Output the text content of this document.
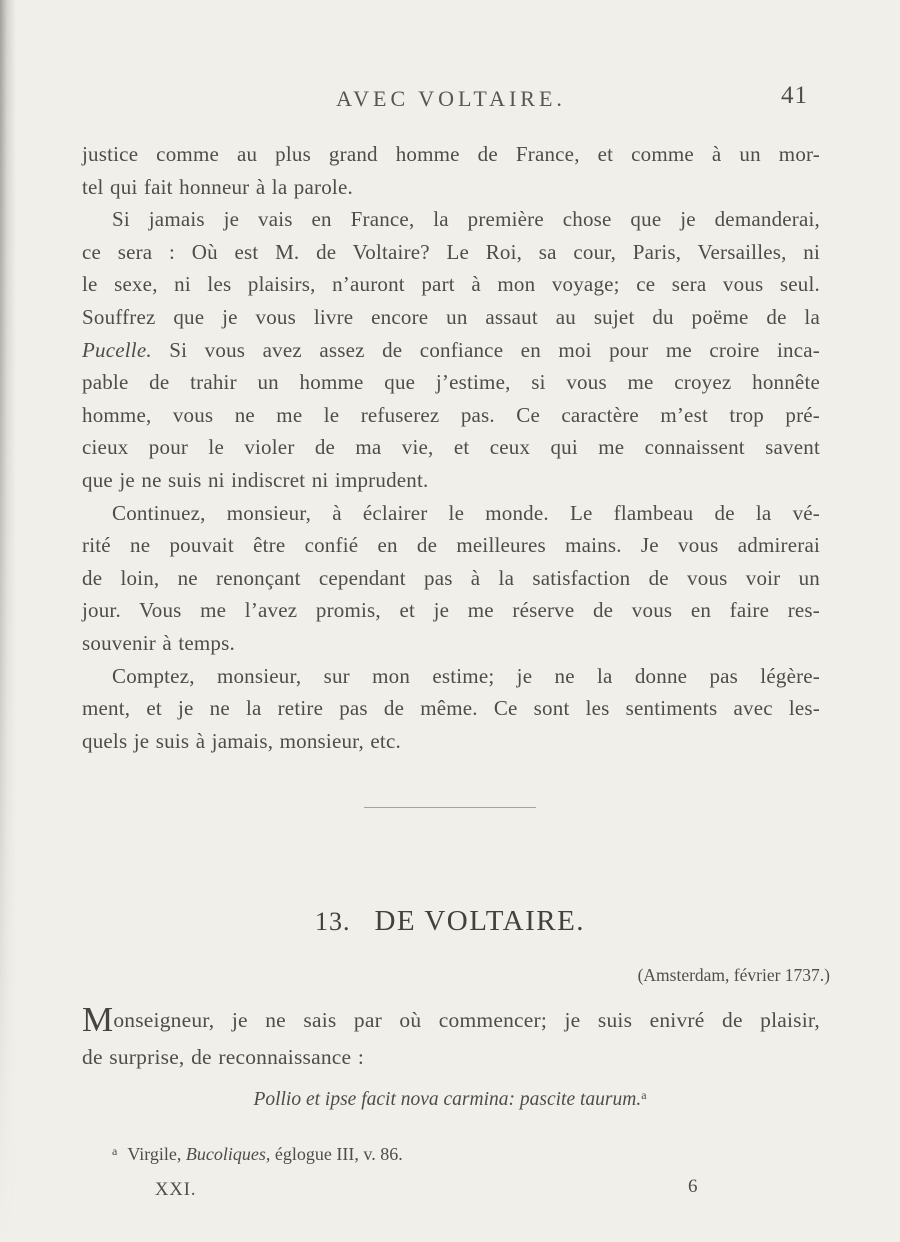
AVEC VOLTAIRE.	41
justice comme au plus grand homme de France, et comme à un mor-
tel qui fait honneur à la parole.
Si jamais je vais en France, la première chose que je demanderai,
ce sera : Où est M. de Voltaire? Le Roi, sa cour, Paris, Versailles, ni
le sexe, ni les plaisirs, n’auront part à mon voyage; ce sera vous seul.
Souffrez que je vous livre encore un assaut au sujet du poëme de la
Pucelle. Si vous avez assez de confiance en moi pour me croire inca-
pable de trahir un homme que j’estime, si vous me croyez honnête
homme, vous ne me le refuserez pas. Ce caractère m’est trop pré-
cieux pour le violer de ma vie, et ceux qui me connaissent savent
que je ne suis ni indiscret ni imprudent.
Continuez, monsieur, à éclairer le monde. Le flambeau de la vé-
rité ne pouvait être confié en de meilleures mains. Je vous admirerai
de loin, ne renonçant cependant pas à la satisfaction de vous voir un
jour. Vous me l’avez promis, et je me réserve de vous en faire res-
souvenir à temps.
Comptez, monsieur, sur mon estime; je ne la donne pas légère-
ment, et je ne la retire pas de même. Ce sont les sentiments avec les-
quels je suis à jamais, monsieur, etc.
13. DE VOLTAIRE.
(Amsterdam, février 1737.)
Monseigneur, je ne sais par où commencer; je suis enivré de plaisir,
de surprise, de reconnaissance :
Pollio et ipse facit nova carmina: pascite taurum.$^a$
$^a$ Virgile, Bucoliques, églogue III, v. 86.
XXI.	6
